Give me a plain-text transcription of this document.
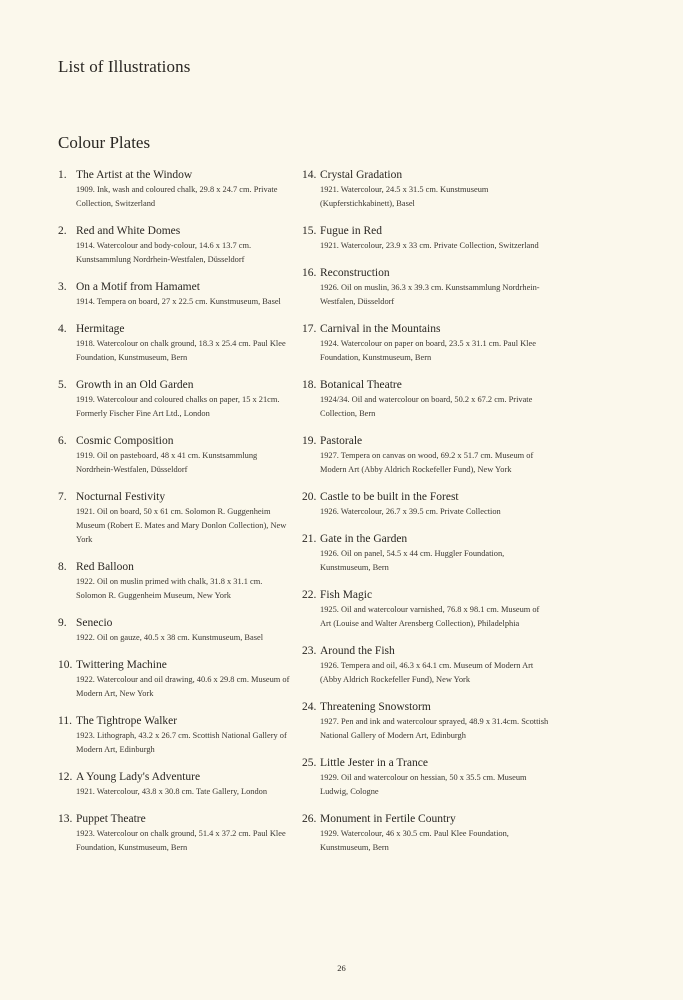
List of Illustrations
Colour Plates
1. The Artist at the Window
1909. Ink, wash and coloured chalk, 29.8 x 24.7 cm. Private Collection, Switzerland
2. Red and White Domes
1914. Watercolour and body-colour, 14.6 x 13.7 cm. Kunstsammlung Nordrhein-Westfalen, Düsseldorf
3. On a Motif from Hamamet
1914. Tempera on board, 27 x 22.5 cm. Kunstmuseum, Basel
4. Hermitage
1918. Watercolour on chalk ground, 18.3 x 25.4 cm. Paul Klee Foundation, Kunstmuseum, Bern
5. Growth in an Old Garden
1919. Watercolour and coloured chalks on paper, 15 x 21cm. Formerly Fischer Fine Art Ltd., London
6. Cosmic Composition
1919. Oil on pasteboard, 48 x 41 cm. Kunstsammlung Nordrhein-Westfalen, Düsseldorf
7. Nocturnal Festivity
1921. Oil on board, 50 x 61 cm. Solomon R. Guggenheim Museum (Robert E. Mates and Mary Donlon Collection), New York
8. Red Balloon
1922. Oil on muslin primed with chalk, 31.8 x 31.1 cm. Solomon R. Guggenheim Museum, New York
9. Senecio
1922. Oil on gauze, 40.5 x 38 cm. Kunstmuseum, Basel
10. Twittering Machine
1922. Watercolour and oil drawing, 40.6 x 29.8 cm. Museum of Modern Art, New York
11. The Tightrope Walker
1923. Lithograph, 43.2 x 26.7 cm. Scottish National Gallery of Modern Art, Edinburgh
12. A Young Lady's Adventure
1921. Watercolour, 43.8 x 30.8 cm. Tate Gallery, London
13. Puppet Theatre
1923. Watercolour on chalk ground, 51.4 x 37.2 cm. Paul Klee Foundation, Kunstmuseum, Bern
14. Crystal Gradation
1921. Watercolour, 24.5 x 31.5 cm. Kunstmuseum (Kupferstichkabinett), Basel
15. Fugue in Red
1921. Watercolour, 23.9 x 33 cm. Private Collection, Switzerland
16. Reconstruction
1926. Oil on muslin, 36.3 x 39.3 cm. Kunstsammlung Nordrhein-Westfalen, Düsseldorf
17. Carnival in the Mountains
1924. Watercolour on paper on board, 23.5 x 31.1 cm. Paul Klee Foundation, Kunstmuseum, Bern
18. Botanical Theatre
1924/34. Oil and watercolour on board, 50.2 x 67.2 cm. Private Collection, Bern
19. Pastorale
1927. Tempera on canvas on wood, 69.2 x 51.7 cm. Museum of Modern Art (Abby Aldrich Rockefeller Fund), New York
20. Castle to be built in the Forest
1926. Watercolour, 26.7 x 39.5 cm. Private Collection
21. Gate in the Garden
1926. Oil on panel, 54.5 x 44 cm. Huggler Foundation, Kunstmuseum, Bern
22. Fish Magic
1925. Oil and watercolour varnished, 76.8 x 98.1 cm. Museum of Art (Louise and Walter Arensberg Collection), Philadelphia
23. Around the Fish
1926. Tempera and oil, 46.3 x 64.1 cm. Museum of Modern Art (Abby Aldrich Rockefeller Fund), New York
24. Threatening Snowstorm
1927. Pen and ink and watercolour sprayed, 48.9 x 31.4cm. Scottish National Gallery of Modern Art, Edinburgh
25. Little Jester in a Trance
1929. Oil and watercolour on hessian, 50 x 35.5 cm. Museum Ludwig, Cologne
26. Monument in Fertile Country
1929. Watercolour, 46 x 30.5 cm. Paul Klee Foundation, Kunstmuseum, Bern
26
